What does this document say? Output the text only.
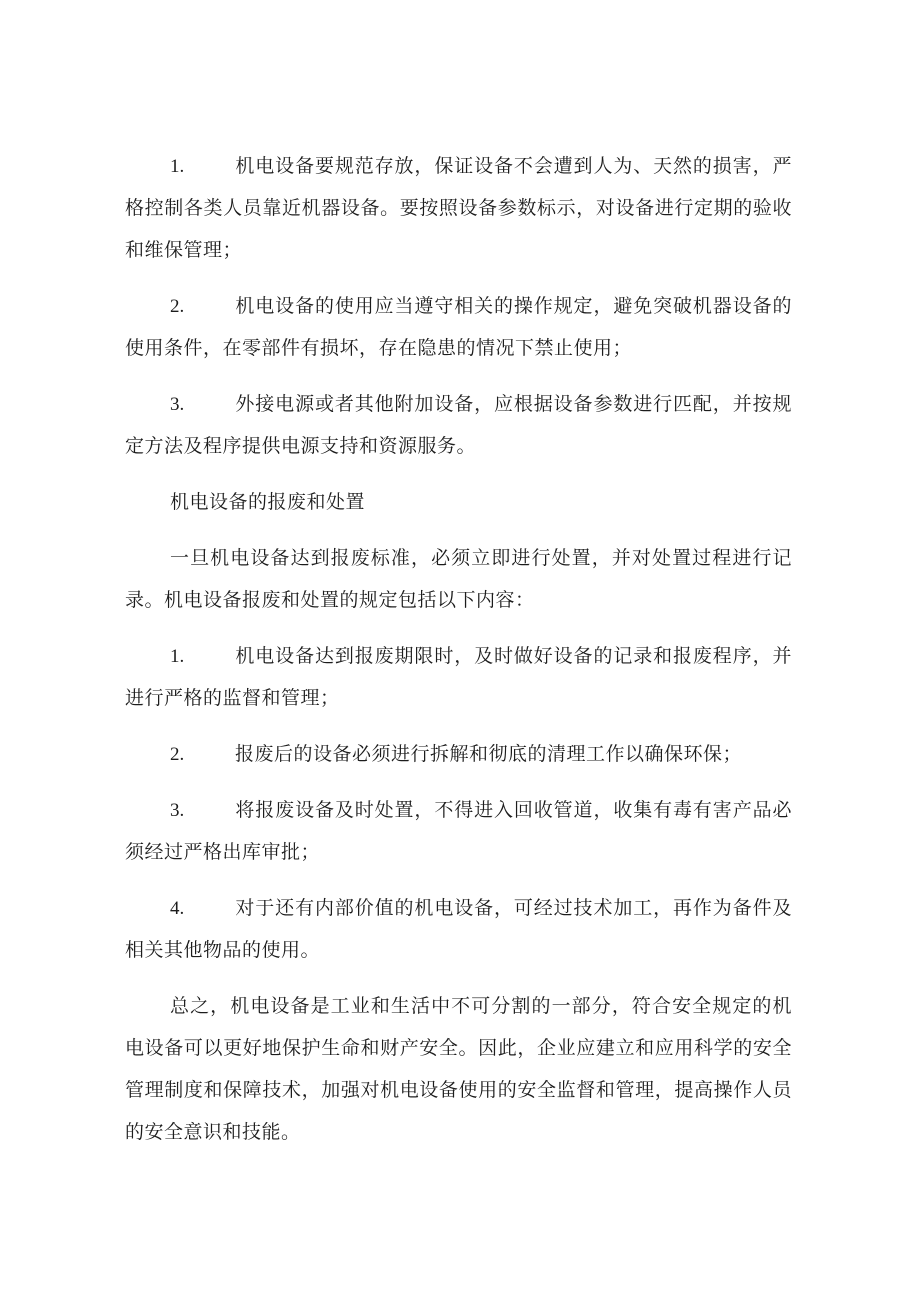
1.	机电设备要规范存放，保证设备不会遭到人为、天然的损害，严格控制各类人员靠近机器设备。要按照设备参数标示，对设备进行定期的验收和维保管理；

2.	机电设备的使用应当遵守相关的操作规定，避免突破机器设备的使用条件，在零部件有损坏，存在隐患的情况下禁止使用；

3.	外接电源或者其他附加设备，应根据设备参数进行匹配，并按规定方法及程序提供电源支持和资源服务。

机电设备的报废和处置

一旦机电设备达到报废标准，必须立即进行处置，并对处置过程进行记录。机电设备报废和处置的规定包括以下内容：

1.	机电设备达到报废期限时，及时做好设备的记录和报废程序，并进行严格的监督和管理；

2.	报废后的设备必须进行拆解和彻底的清理工作以确保环保；

3.	将报废设备及时处置，不得进入回收管道，收集有毒有害产品必须经过严格出库审批；

4.	对于还有内部价值的机电设备，可经过技术加工，再作为备件及相关其他物品的使用。

总之，机电设备是工业和生活中不可分割的一部分，符合安全规定的机电设备可以更好地保护生命和财产安全。因此，企业应建立和应用科学的安全管理制度和保障技术，加强对机电设备使用的安全监督和管理，提高操作人员的安全意识和技能。
